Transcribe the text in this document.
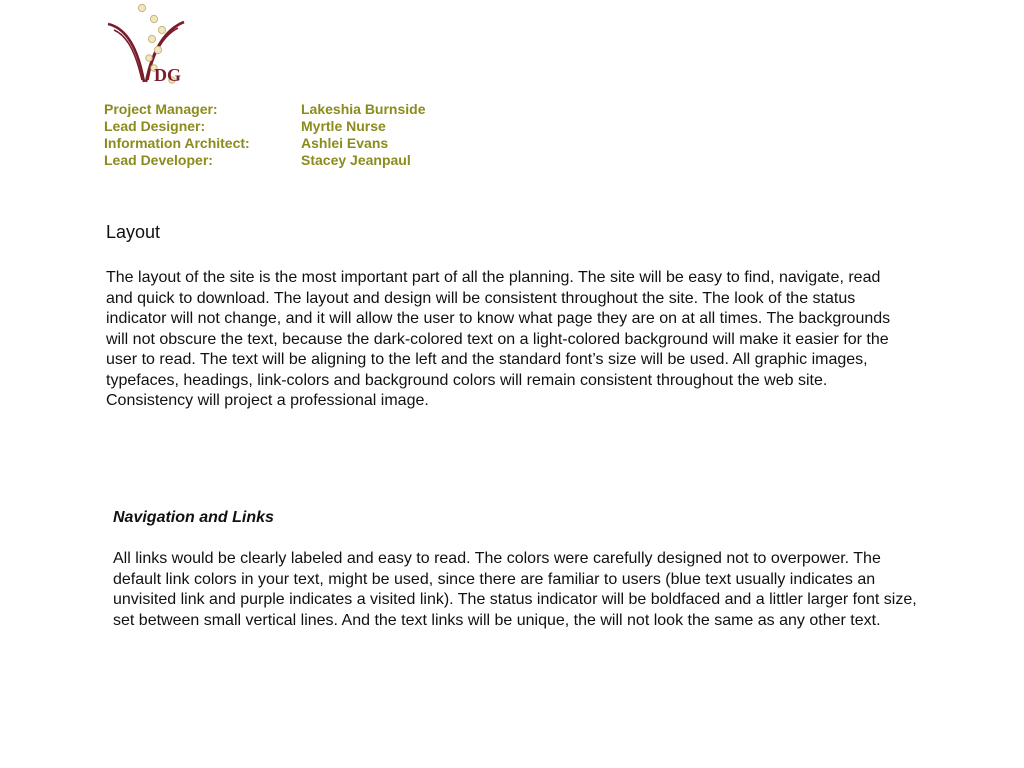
DG
Project Manager:	Lakeshia Burnside
Lead Designer:	Myrtle Nurse
Information Architect:	Ashlei Evans
Lead Developer:	Stacey Jeanpaul
Layout
The layout of the site is the most important part of all the planning. The site will be easy to find, navigate, read and quick to download. The layout and design will be consistent throughout the site. The look of the status indicator will not change, and it will allow the user to know what page they are on at all times. The backgrounds will not obscure the text, because the dark-colored text on a light-colored background will make it easier for the user to read. The text will be aligning to the left and the standard font’s size will be used. All graphic images, typefaces, headings, link-colors and background colors will remain consistent throughout the web site. Consistency will project a professional image.
Navigation and Links
All links would be clearly labeled and easy to read. The colors were carefully designed not to overpower. The default link colors in your text, might be used, since there are familiar to users (blue text usually indicates an unvisited link and purple indicates a visited link). The status indicator will be boldfaced and a littler larger font size, set between small vertical lines. And the text links will be unique, the will not look the same as any other text.
